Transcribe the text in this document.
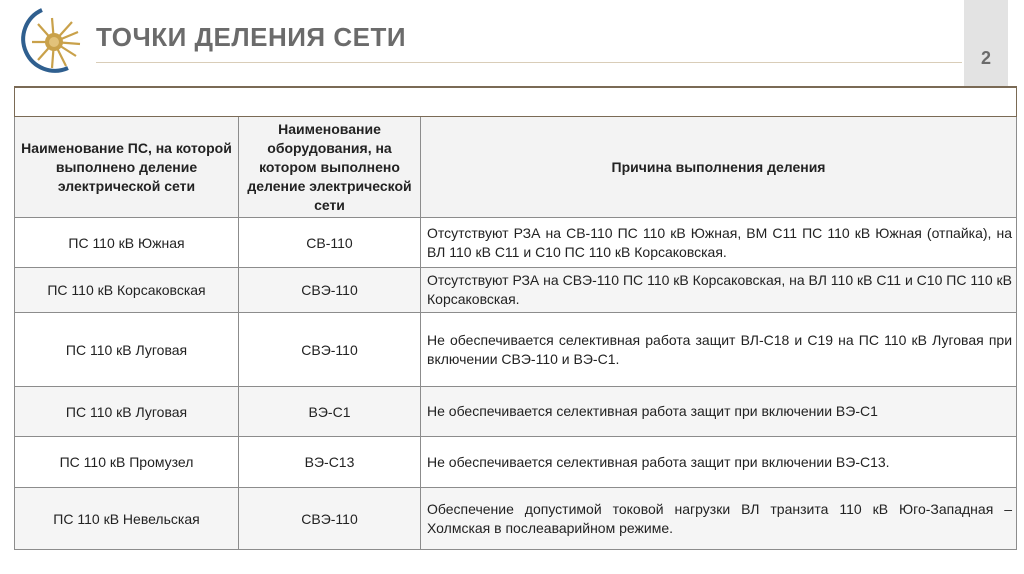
ТОЧКИ ДЕЛЕНИЯ СЕТИ
2

Наименование ПС, на которой выполнено деление электрической сети	Наименование оборудования, на котором выполнено деление электрической сети	Причина выполнения деления
ПС 110 кВ Южная	СВ-110	Отсутствуют РЗА на СВ-110 ПС 110 кВ Южная, ВМ С11 ПС 110 кВ Южная (отпайка), на ВЛ 110 кВ С11 и С10 ПС 110 кВ Корсаковская.
ПС 110 кВ Корсаковская	СВЭ-110	Отсутствуют РЗА на СВЭ-110 ПС 110 кВ Корсаковская, на ВЛ 110 кВ С11 и С10 ПС 110 кВ Корсаковская.
ПС 110 кВ Луговая	СВЭ-110	Не обеспечивается селективная работа защит ВЛ-С18 и С19 на ПС 110 кВ Луговая при включении СВЭ-110 и ВЭ-С1.
ПС 110 кВ Луговая	ВЭ-С1	Не обеспечивается селективная работа защит при включении ВЭ-С1
ПС 110 кВ Промузел	ВЭ-С13	Не обеспечивается селективная работа защит при включении ВЭ-С13.
ПС 110 кВ Невельская	СВЭ-110	Обеспечение допустимой токовой нагрузки ВЛ транзита 110 кВ Юго-Западная – Холмская в послеаварийном режиме.
